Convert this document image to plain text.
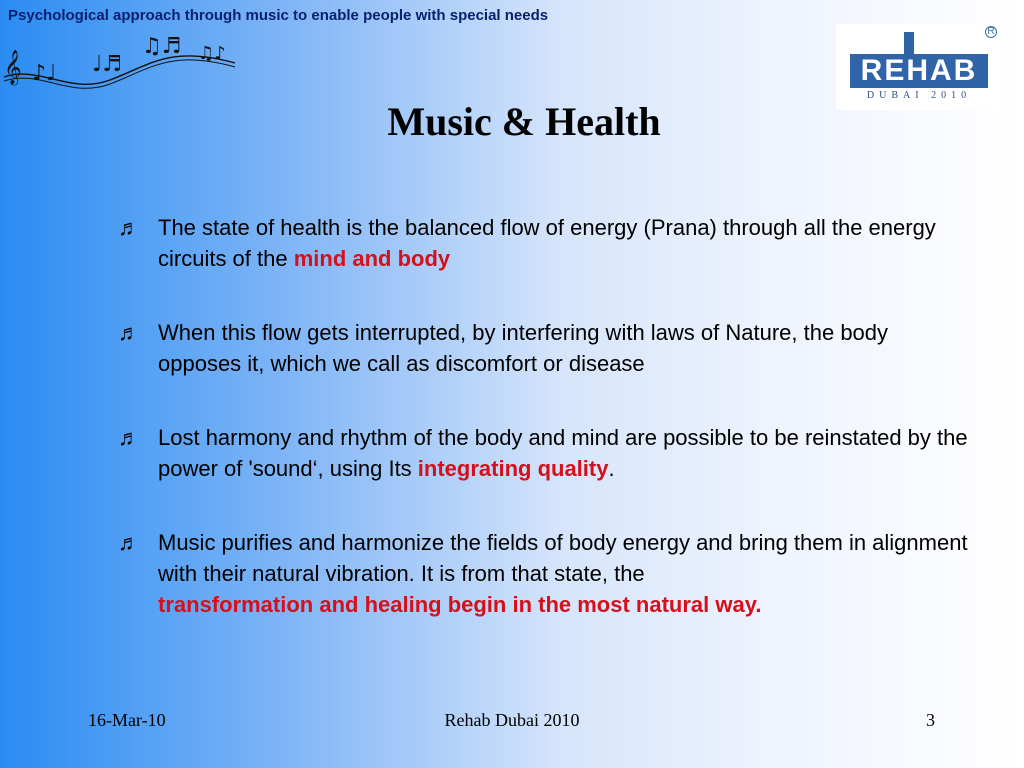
Psychological approach through music to enable people with special needs
𝄞 ♪♩ ♩♬
♫♬ ♫♪
R
REHAB
DUBAI 2010
Music & Health
♬ The state of health is the balanced flow of energy (Prana) through all the energy circuits of the mind and body
♬ When this flow gets interrupted, by interfering with laws of Nature, the body opposes it, which we call as discomfort or disease
♬ Lost harmony and rhythm of the body and mind are possible to be reinstated by the power of 'sound‘, using Its integrating quality.
♬ Music purifies and harmonize the fields of body energy and bring them in alignment with their natural vibration. It is from that state, the
transformation and healing begin in the most natural way.
16-Mar-10	Rehab Dubai 2010	3
